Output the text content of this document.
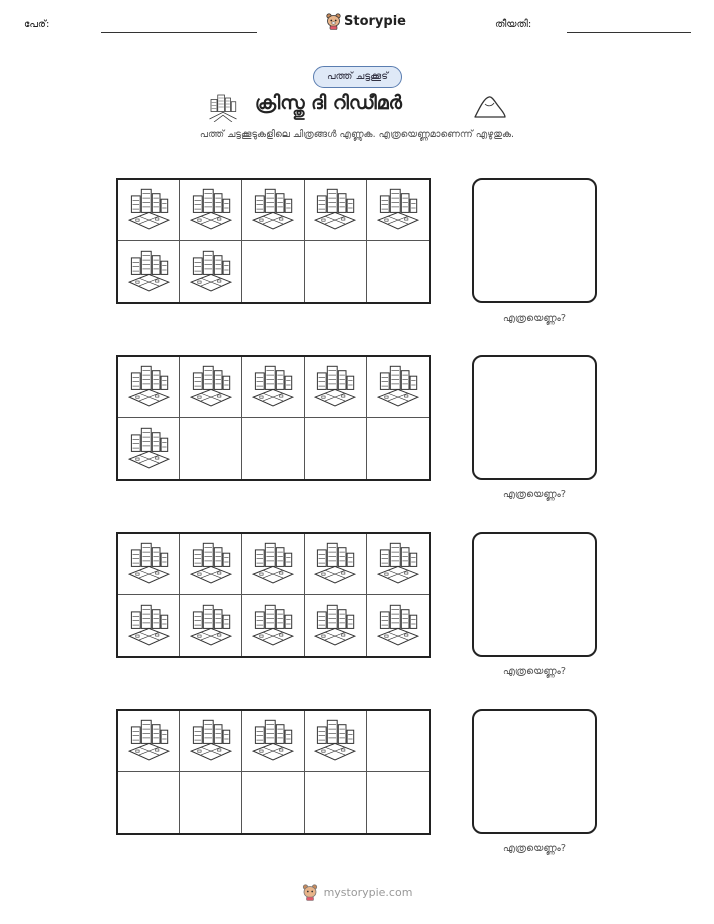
പേര്:	Storypie	തീയതി:
പത്ത് ചട്ടക്കൂട്
ക്രിസ്തു ദി റിഡീമർ
പത്ത് ചട്ടക്കൂടുകളിലെ ചിത്രങ്ങൾ എണ്ണുക. എത്രയെണ്ണമാണെന്ന് എഴുതുക.
എത്രയെണ്ണം?
എത്രയെണ്ണം?
എത്രയെണ്ണം?
എത്രയെണ്ണം?
mystorypie.com
